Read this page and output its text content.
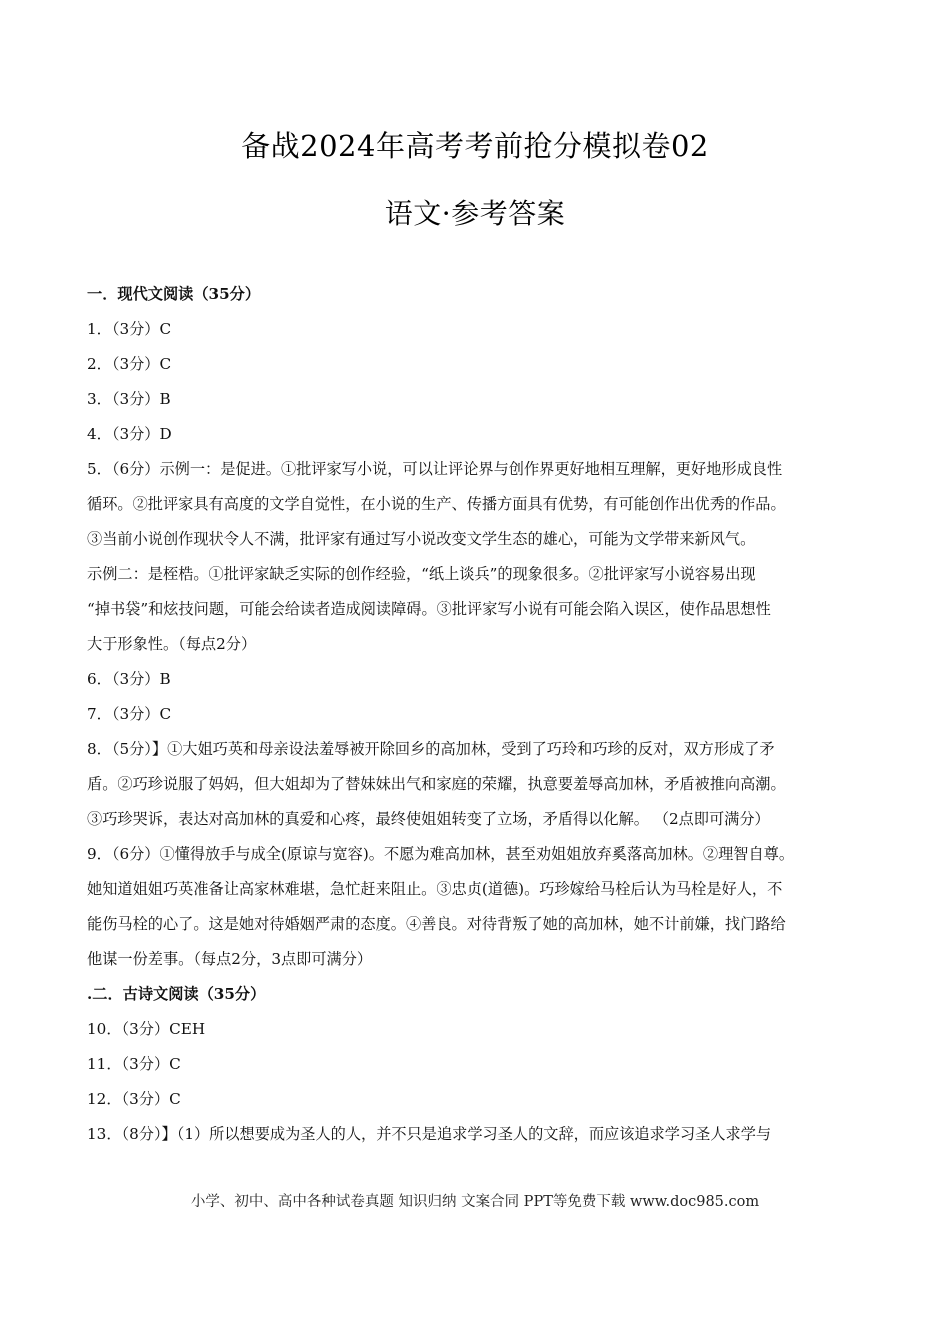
备战2024年高考考前抢分模拟卷02
语文·参考答案
一．现代文阅读（35分）
1．（3分）C
2．（3分）C
3．（3分）B
4．（3分）D
5．（6分）示例一：是促进。①批评家写小说，可以让评论界与创作界更好地相互理解，更好地形成良性
循环。②批评家具有高度的文学自觉性，在小说的生产、传播方面具有优势，有可能创作出优秀的作品。
③当前小说创作现状令人不满，批评家有通过写小说改变文学生态的雄心，可能为文学带来新风气。
示例二：是桎梏。①批评家缺乏实际的创作经验，“纸上谈兵”的现象很多。②批评家写小说容易出现
“掉书袋”和炫技问题，可能会给读者造成阅读障碍。③批评家写小说有可能会陷入误区，使作品思想性
大于形象性。（每点2分）
6．（3分）B
7．（3分）C
8．（5分）】①大姐巧英和母亲设法羞辱被开除回乡的高加林，受到了巧玲和巧珍的反对，双方形成了矛
盾。②巧珍说服了妈妈，但大姐却为了替妹妹出气和家庭的荣耀，执意要羞辱高加林，矛盾被推向高潮。
③巧珍哭诉，表达对高加林的真爱和心疼，最终使姐姐转变了立场，矛盾得以化解。 （2点即可满分）
9．（6分）①懂得放手与成全(原谅与宽容)。不愿为难高加林，甚至劝姐姐放弃奚落高加林。②理智自尊。
她知道姐姐巧英准备让高家林难堪，急忙赶来阻止。③忠贞(道德)。巧珍嫁给马栓后认为马栓是好人，不
能伤马栓的心了。这是她对待婚姻严肃的态度。④善良。对待背叛了她的高加林，她不计前嫌，找门路给
他谋一份差事。（每点2分，3点即可满分）
.二．古诗文阅读（35分）
10．（3分）CEH
11．（3分）C
12．（3分）C
13．（8分）】（1）所以想要成为圣人的人，并不只是追求学习圣人的文辞，而应该追求学习圣人求学与
小学、初中、高中各种试卷真题 知识归纳 文案合同 PPT等免费下载 www.doc985.com
